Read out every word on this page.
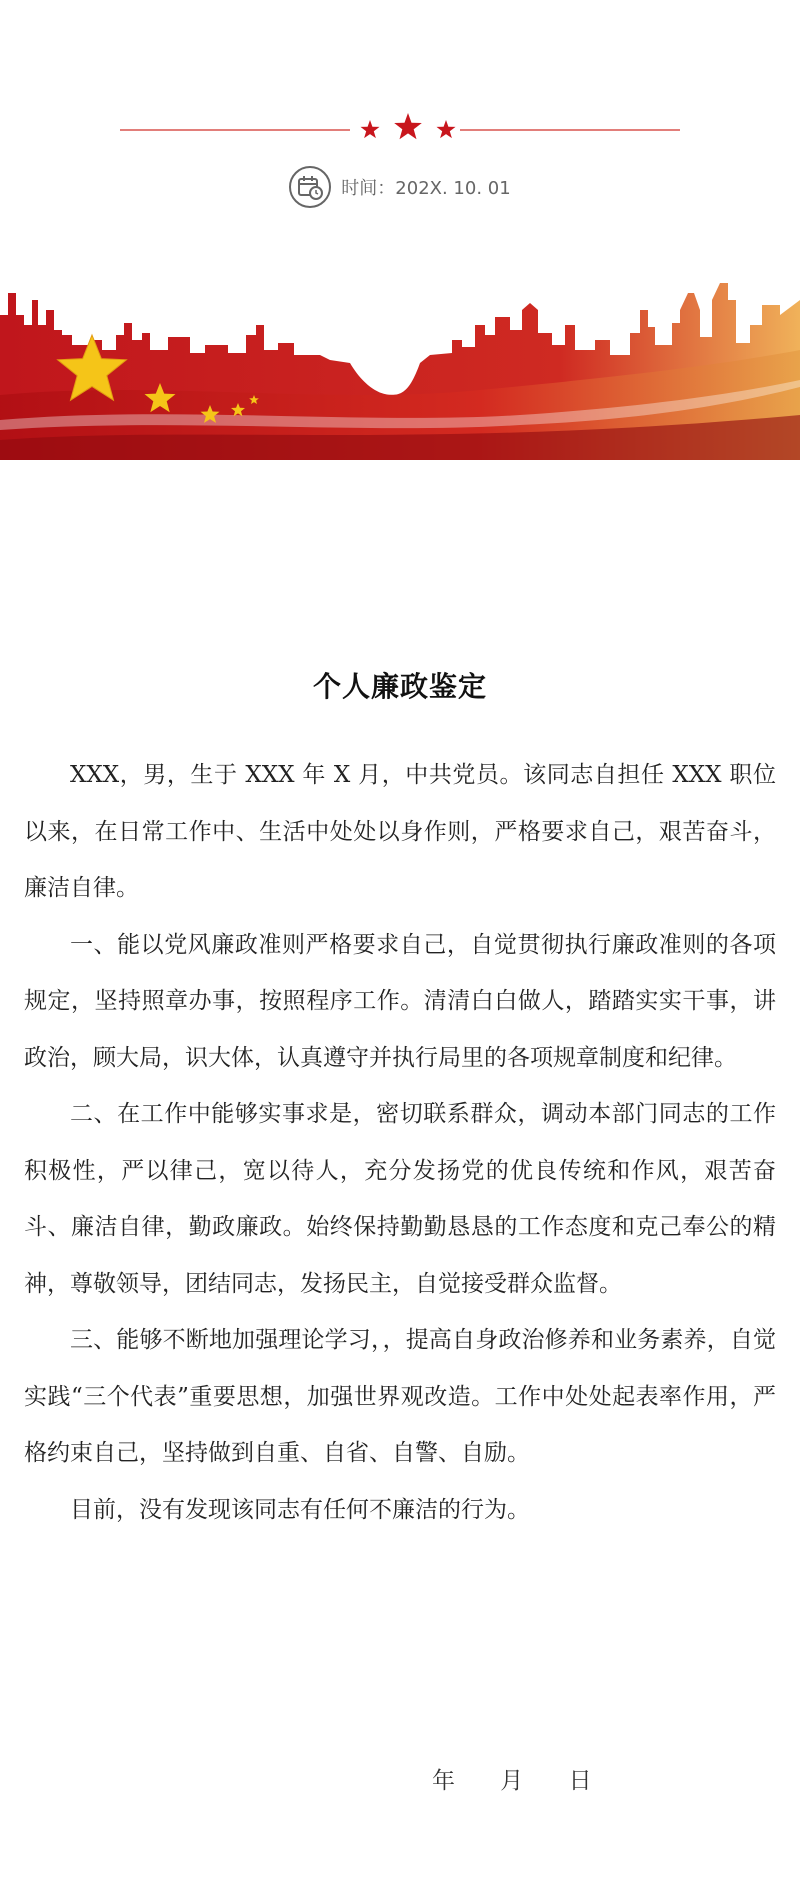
时间：202X. 10. 01
个人廉政鉴定

XXX，男，生于 XXX 年 X 月，中共党员。该同志自担任 XXX 职位以来，在日常工作中、生活中处处以身作则，严格要求自己，艰苦奋斗，廉洁自律。

一、能以党风廉政准则严格要求自己，自觉贯彻执行廉政准则的各项规定，坚持照章办事，按照程序工作。清清白白做人，踏踏实实干事，讲政治，顾大局，识大体，认真遵守并执行局里的各项规章制度和纪律。

二、在工作中能够实事求是，密切联系群众，调动本部门同志的工作积极性，严以律己，宽以待人，充分发扬党的优良传统和作风，艰苦奋斗、廉洁自律，勤政廉政。始终保持勤勤恳恳的工作态度和克己奉公的精神，尊敬领导，团结同志，发扬民主，自觉接受群众监督。

三、能够不断地加强理论学习，，提高自身政治修养和业务素养，自觉实践“三个代表”重要思想，加强世界观改造。工作中处处起表率作用，严格约束自己，坚持做到自重、自省、自警、自励。

目前，没有发现该同志有任何不廉洁的行为。

年 月 日
